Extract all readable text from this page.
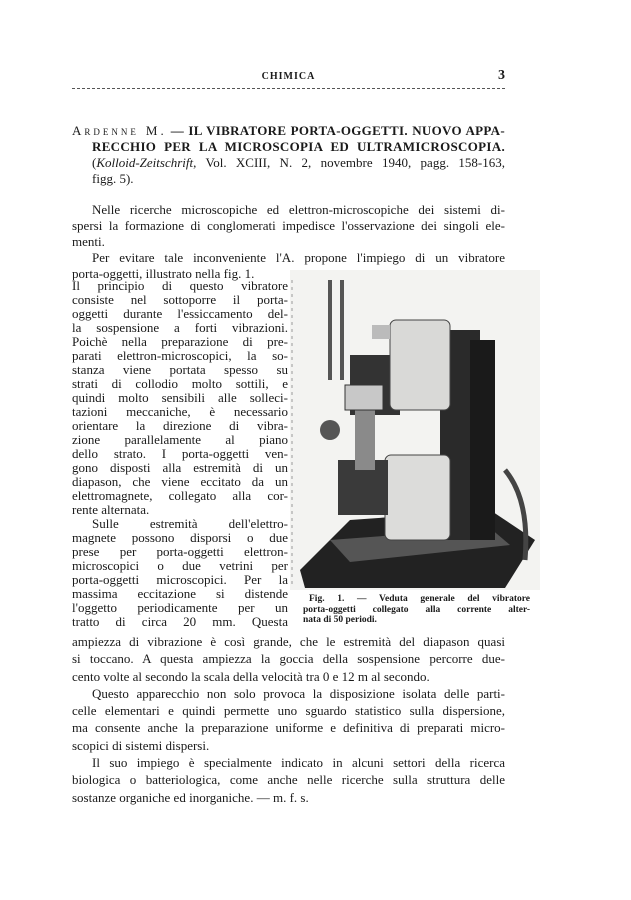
CHIMICA	3
Ardenne M. — IL VIBRATORE PORTA-OGGETTI. NUOVO APPA-
RECCHIO PER LA MICROSCOPIA ED ULTRAMICROSCOPIA.
(Kolloid-Zeitschrift, Vol. XCIII, N. 2, novembre 1940, pagg. 158-163,
figg. 5).
Nelle ricerche microscopiche ed elettron-microscopiche dei sistemi di-
spersi la formazione di conglomerati impedisce l'osservazione dei singoli ele-
menti.
Per evitare tale inconveniente l'A. propone l'impiego di un vibratore
porta-oggetti, illustrato nella fig. 1.
Il principio di questo vibratore
consiste nel sottoporre il porta-
oggetti durante l'essiccamento del-
la sospensione a forti vibrazioni.
Poichè nella preparazione di pre-
parati elettron-microscopici, la so-
stanza viene portata spesso su
strati di collodio molto sottili, e
quindi molto sensibili alle solleci-
tazioni meccaniche, è necessario
orientare la direzione di vibra-
zione parallelamente al piano
dello strato. I porta-oggetti ven-
gono disposti alla estremità di un
diapason, che viene eccitato da un
elettromagnete, collegato alla cor-
rente alternata.
Sulle estremità dell'elettro-
magnete possono disporsi o due
prese per porta-oggetti elettron-
microscopici o due vetrini per
porta-oggetti microscopici. Per la
massima eccitazione si distende
l'oggetto periodicamente per un
tratto di circa 20 mm. Questa
Fig. 1. — Veduta generale del vibratore
porta-oggetti collegato alla corrente alter-
nata di 50 periodi.
ampiezza di vibrazione è così grande, che le estremità del diapason quasi
si toccano. A questa ampiezza la goccia della sospensione percorre due-
cento volte al secondo la scala della velocità tra 0 e 12 m al secondo.
Questo apparecchio non solo provoca la disposizione isolata delle parti-
celle elementari e quindi permette uno sguardo statistico sulla dispersione,
ma consente anche la preparazione uniforme e definitiva di preparati micro-
scopici di sistemi dispersi.
Il suo impiego è specialmente indicato in alcuni settori della ricerca
biologica o batteriologica, come anche nelle ricerche sulla struttura delle
sostanze organiche ed inorganiche. — m. f. s.
